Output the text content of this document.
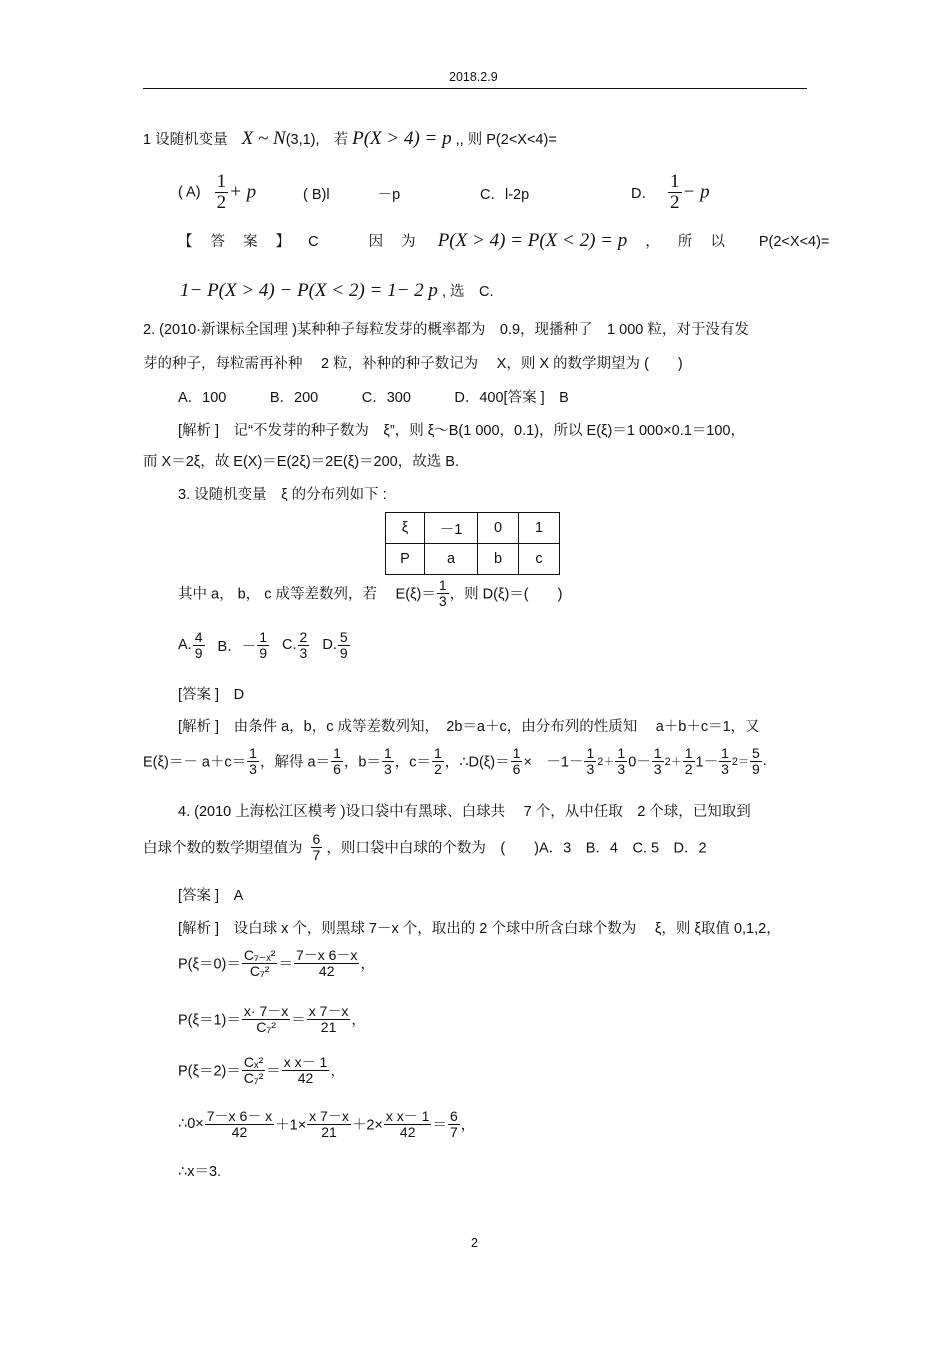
2018.2.9
1 设随机变量 X ~ N(3,1), 若 P(X > 4) = p ,, 则 P(2<X<4)=
( $A) \frac{1}{2} + p$	( B)l	－p	C．l-2p	D． $\frac{1}{2} - p$
【 答 案 】 C	因 为 P(X > 4) = P(X < 2) = p ， 所 以 P(2<X<4)=
1− P(X > 4) − P(X < 2) = 1− 2 p , 选　C.
2. (2010·新课标全国理 )某种种子每粒发芽的概率都为　0.9，现播种了　1 000 粒，对于没有发
芽的种子，每粒需再补种　 2 粒，补种的种子数记为　 X，则 X 的数学期望为 (　　)
A．100　　　B．200　　　C．300　　　D．400[答案 ]　B
[解析 ]　记“不发芽的种子数为　ξ”，则 ξ～B(1 000，0.1)，所以 E(ξ)＝1 000×0.1＝100，
而 X＝2ξ，故 E(X)＝E(2ξ)＝2E(ξ)＝200，故选 B.
3. 设随机变量　ξ 的分布列如下 :
ξ	－1	0	1
P	a	b	c
其中 a， b， c 成等差数列，若　 $E(\xi)= \frac{1}{3}$ ，则 D(ξ)＝(　　)
A. $\frac{4}{9}$ B．－ $\frac{1}{9} C$. $\frac{2}{3} D$. $\frac{5}{9}$
[答案 ]　D
[解析 ]　由条件 a，b，c 成等差数列知，　2b＝a＋c，由分布列的性质知　 a＋b＋c＝1，又
$E(\xi)=- a+c= \frac{1}{3}$ ，解得 $a= \frac{1}{6}$ ，$b= \frac{1}{3}$ ，$c= \frac{1}{2}$ ，∴D(ξ)＝ $\frac{1}{6}$ ×　$-1- \frac{1}{3} 2+ \frac{1}{3} 0- \frac{1}{3} 2+ \frac{1}{2} 1- \frac{1}{3} 2= \frac{5}{9}$ .
4. (2010 上海松江区模考 )设口袋中有黑球、白球共　 7 个，从中任取　2 个球，已知取到
白球个数的数学期望值为 $\frac{6}{7}$ ，则口袋中白球的个数为　(　　)A．3　B．4　C. 5　D．2
[答案 ]　A
[解析 ]　设白球 x 个，则黑球 7－x 个，取出的 2 个球中所含白球个数为　 ξ，则 ξ取值 0,1,2，
$P(\xi=0)= \frac{\text{C₇₋ₓ²}}{\text{C₇²}} = \frac{7-x 6-x}{42}$ ，
$P(\xi=1)= \frac{x\cdot 7-x}{\text{C₇²}} = \frac{x 7-x}{21}$ ，
$P(\xi=2)= \frac{\text{Cₓ²}}{\text{C₇²}} = \frac{\text{x x－ 1}}{42}$ ，
∴0× $\frac{7-x 6- x}{42} +1\times \frac{x 7-x}{21} +2\times \frac{\text{x x－ 1}}{42} = \frac{6}{7}$ ，
∴x＝3.
2
